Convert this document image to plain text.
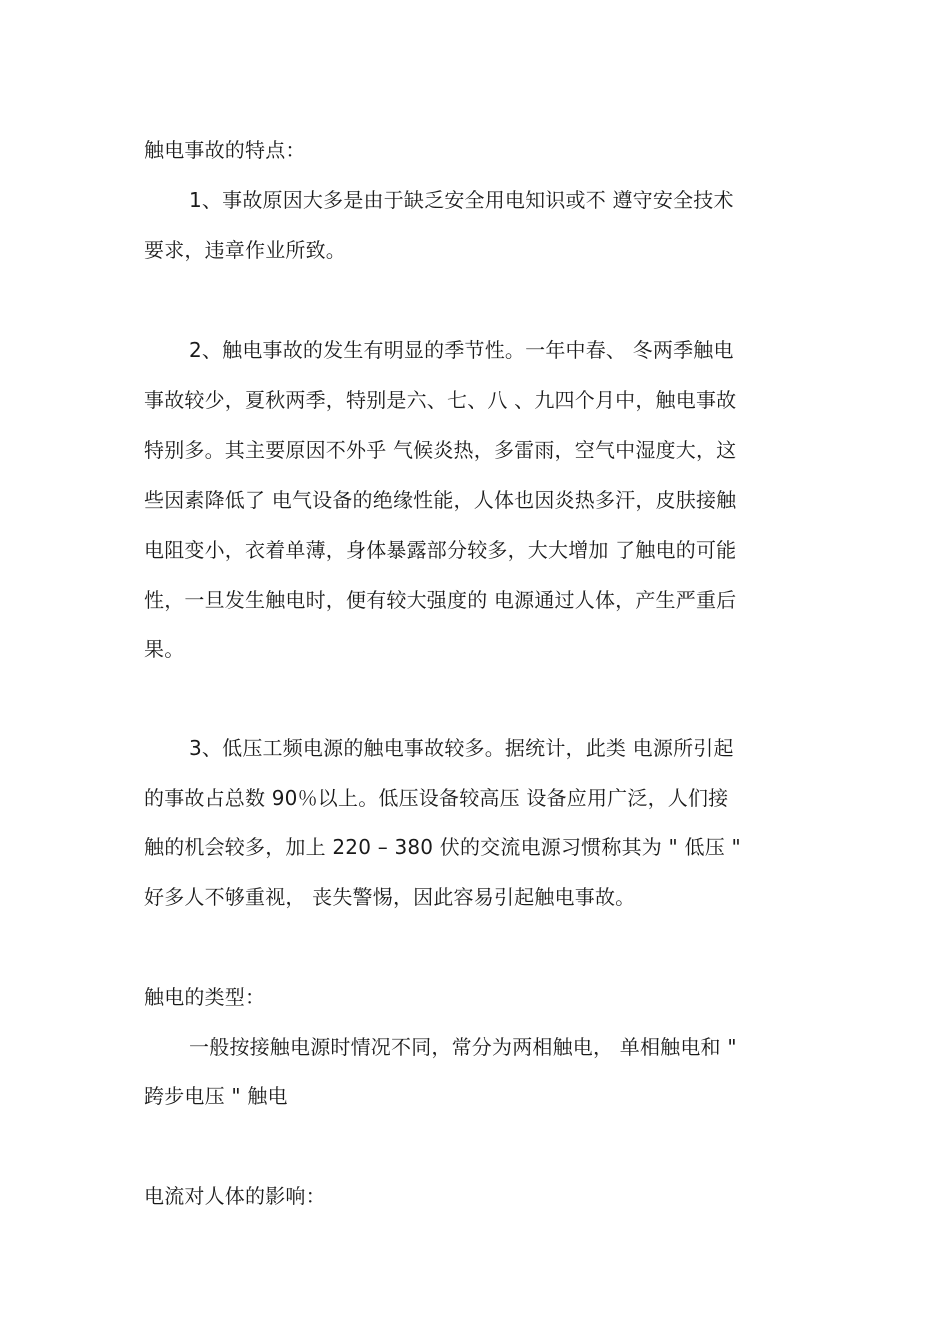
触电事故的特点：
1、事故原因大多是由于缺乏安全用电知识或不 遵守安全技术
要求，违章作业所致。
2、触电事故的发生有明显的季节性。一年中春、 冬两季触电
事故较少，夏秋两季，特别是六、七、八 、九四个月中，触电事故
特别多。其主要原因不外乎 气候炎热，多雷雨，空气中湿度大，这
些因素降低了 电气设备的绝缘性能，人体也因炎热多汗，皮肤接触
电阻变小，衣着单薄，身体暴露部分较多，大大增加 了触电的可能
性，一旦发生触电时，便有较大强度的 电源通过人体，产生严重后
果。
3、低压工频电源的触电事故较多。据统计，此类 电源所引起
的事故占总数 90％以上。低压设备较高压 设备应用广泛，人们接
触的机会较多，加上 220 – 380 伏的交流电源习惯称其为 " 低压 "
好多人不够重视， 丧失警惕，因此容易引起触电事故。
触电的类型：
一般按接触电源时情况不同，常分为两相触电， 单相触电和 "
跨步电压 " 触电
电流对人体的影响：
